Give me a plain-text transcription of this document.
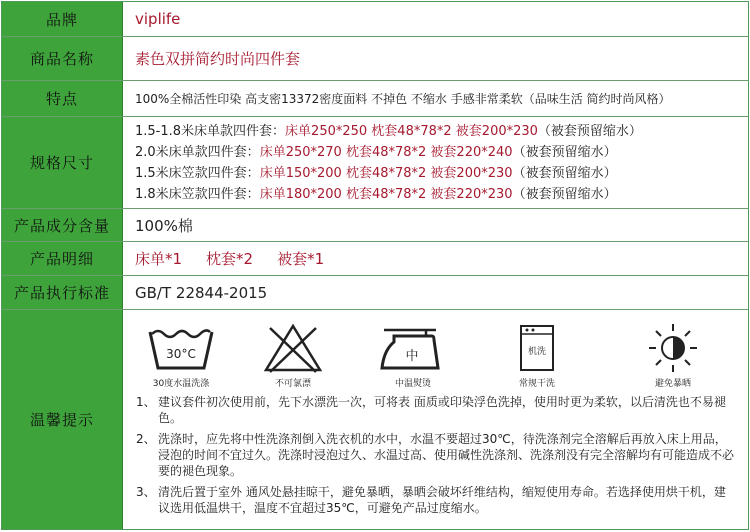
品牌	viplife
商品名称	素色双拼简约时尚四件套
特点	100%全棉活性印染 高支密13372密度面料 不掉色 不缩水 手感非常柔软（品味生活 简约时尚风格）
规格尺寸
1.5-1.8米床单款四件套：床单250*250 枕套48*78*2 被套200*230（被套预留缩水）
2.0米床单款四件套：床单250*270 枕套48*78*2 被套220*240（被套预留缩水）
1.5米床笠款四件套：床单150*200 枕套48*78*2 被套200*230（被套预留缩水）
1.8米床笠款四件套：床单180*200 枕套48*78*2 被套220*230（被套预留缩水）
产品成分含量	100%棉
产品明细	床单*1 枕套*2 被套*1
产品执行标准	GB/T 22844-2015
温馨提示
30°C
30度水温洗涤	不可氯漂
中
中温熨烫
机洗
常规干洗	避免暴晒
1、 建议套件初次使用前，先下水漂洗一次，可将表 面质或印染浮色洗掉，使用时更为柔软，以后清洗也不易褪色。
2、 洗涤时，应先将中性洗涤剂倒入洗衣机的水中，水温不要超过30℃，待洗涤剂完全溶解后再放入床上用品，浸泡的时间不宜过久。洗涤时浸泡过久、水温过高、使用碱性洗涤剂、洗涤剂没有完全溶解均有可能造成不必要的褪色现象。
3、 清洗后置于室外 通风处悬挂晾干，避免暴晒，暴晒会破坏纤维结构，缩短使用寿命。若选择使用烘干机，建议选用低温烘干，温度不宜超过35℃，可避免产品过度缩水。
